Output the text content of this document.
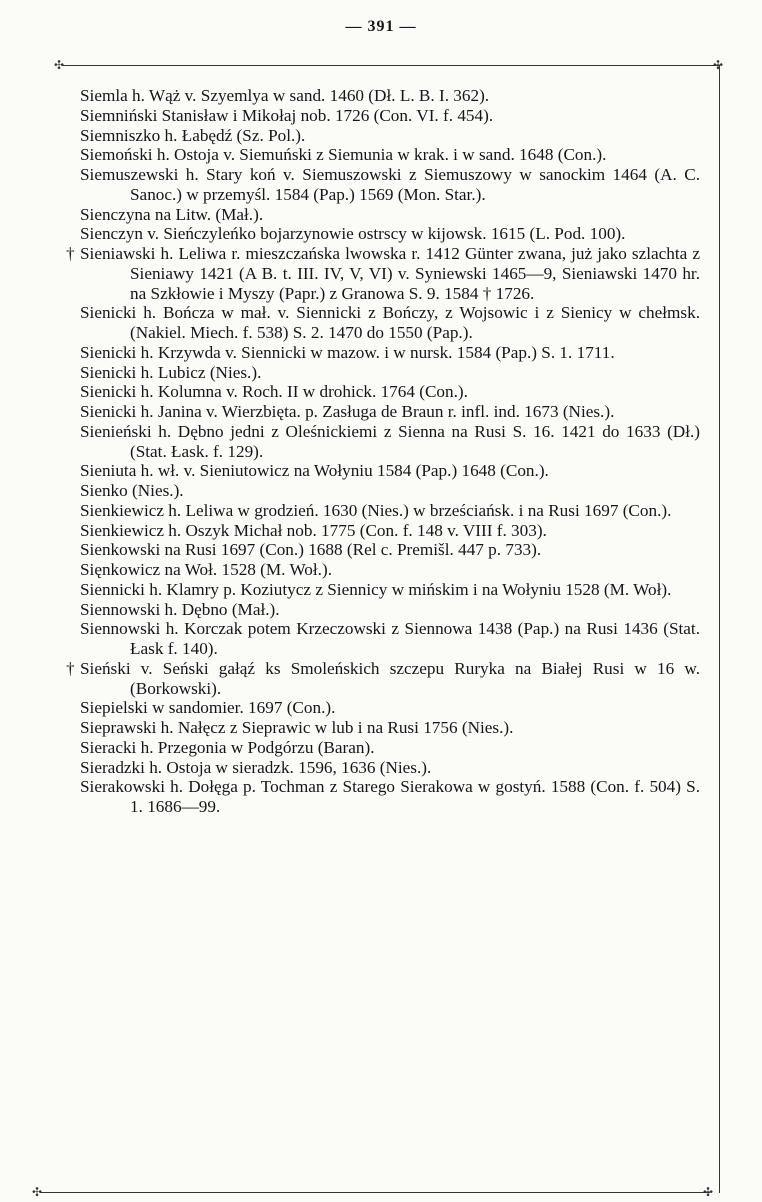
— 391 —
✣	✣
✣	✣

Siemla h. Wąż v. Szyemlya w sand. 1460 (Dł. L. B. I. 362).

Siemniński Stanisław i Mikołaj nob. 1726 (Con. VI. f. 454).

Siemniszko h. Łabędź (Sz. Pol.).

Siemoński h. Ostoja v. Siemuński z Siemunia w krak. i w sand. 1648 (Con.).

Siemuszewski h. Stary koń v. Siemuszowski z Siemuszowy w sanockim 1464 (A. C. Sanoc.) w przemyśl. 1584 (Pap.) 1569 (Mon. Star.).

Sienczyna na Litw. (Mał.).

Sienczyn v. Sieńczyleńko bojarzynowie ostrscy w kijowsk. 1615 (L. Pod. 100).

† Sieniawski h. Leliwa r. mieszczańska lwowska r. 1412 Günter zwana, już jako szlachta z Sieniawy 1421 (A B. t. III. IV, V, VI) v. Syniewski 1465—9, Sieniawski 1470 hr. na Szkłowie i Myszy (Papr.) z Granowa S. 9. 1584 † 1726.

Sienicki h. Bończa w mał. v. Siennicki z Bończy, z Wojsowic i z Sienicy w chełmsk. (Nakiel. Miech. f. 538) S. 2. 1470 do 1550 (Pap.).

Sienicki h. Krzywda v. Siennicki w mazow. i w nursk. 1584 (Pap.) S. 1. 1711.

Sienicki h. Lubicz (Nies.).

Sienicki h. Kolumna v. Roch. II w drohick. 1764 (Con.).

Sienicki h. Janina v. Wierzbięta. p. Zasługa de Braun r. infl. ind. 1673 (Nies.).

Sienieński h. Dębno jedni z Oleśnickiemi z Sienna na Rusi S. 16. 1421 do 1633 (Dł.) (Stat. Łask. f. 129).

Sieniuta h. wł. v. Sieniutowicz na Wołyniu 1584 (Pap.) 1648 (Con.).

Sienko (Nies.).

Sienkiewicz h. Leliwa w grodzień. 1630 (Nies.) w brześciańsk. i na Rusi 1697 (Con.).

Sienkiewicz h. Oszyk Michał nob. 1775 (Con. f. 148 v. VIII f. 303).

Sienkowski na Rusi 1697 (Con.) 1688 (Rel c. Premišl. 447 p. 733).

Sięnkowicz na Woł. 1528 (M. Woł.).

Siennicki h. Klamry p. Koziutycz z Siennicy w mińskim i na Wołyniu 1528 (M. Woł).

Siennowski h. Dębno (Mał.).

Siennowski h. Korczak potem Krzeczowski z Siennowa 1438 (Pap.) na Rusi 1436 (Stat. Łask f. 140).

† Sieński v. Seński gałąź ks Smoleńskich szczepu Ruryka na Białej Rusi w 16 w. (Borkowski).

Siepielski w sandomier. 1697 (Con.).

Sieprawski h. Nałęcz z Sieprawic w lub i na Rusi 1756 (Nies.).

Sieracki h. Przegonia w Podgórzu (Baran).

Sieradzki h. Ostoja w sieradzk. 1596, 1636 (Nies.).

Sierakowski h. Dołęga p. Tochman z Starego Sierakowa w gostyń. 1588 (Con. f. 504) S. 1. 1686—99.
